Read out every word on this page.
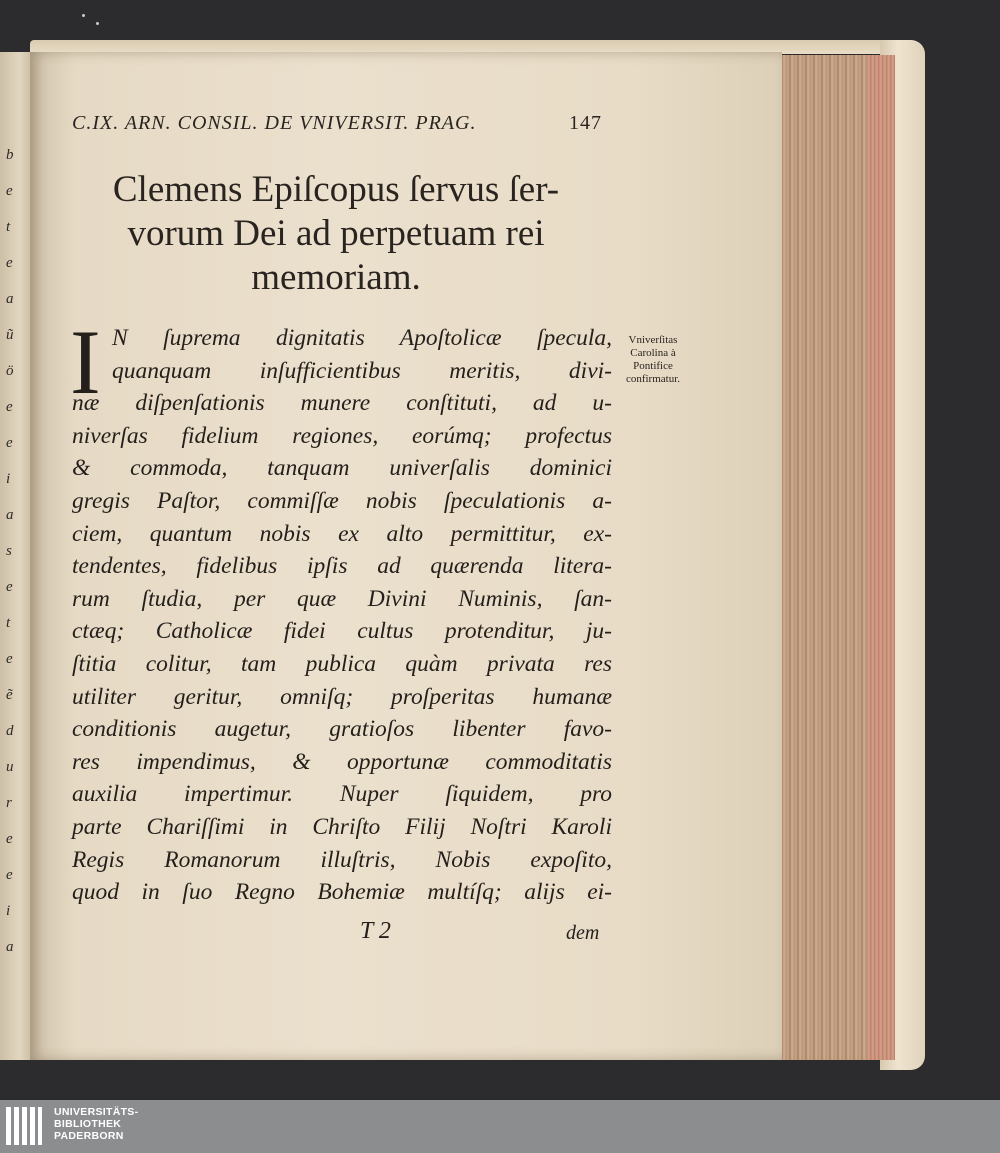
b
e
t
e
a
ũ
ö
e
e
i
a
s
e
t
e
ẽ
d
u
r
e
e
i
a
C.IX. ARN. CONSIL. DE VNIVERSIT. PRAG.	147
Clemens Epiſcopus ſervus ſer-
vorum Dei ad perpetuam rei
memoriam.
I N ſuprema dignitatis Apoſtolicæ ſpecula,
quanquam inſufficientibus meritis, divi-
næ diſpenſationis munere conſtituti, ad u-
niverſas fidelium regiones, eorúmq; profectus
& commoda, tanquam univerſalis dominici
gregis Paſtor, commiſſæ nobis ſpeculationis a-
ciem, quantum nobis ex alto permittitur, ex-
tendentes, fidelibus ipſis ad quærenda litera-
rum ſtudia, per quæ Divini Numinis, ſan-
ctæq; Catholicæ fidei cultus protenditur, ju-
ſtitia colitur, tam publica quàm privata res
utiliter geritur, omniſq; proſperitas humanæ
conditionis augetur, gratioſos libenter favo-
res impendimus, & opportunæ commoditatis
auxilia impertimur. Nuper ſiquidem, pro
parte Chariſſimi in Chriſto Filij Noſtri Karoli
Regis Romanorum illuſtris, Nobis expoſito,
quod in ſuo Regno Bohemiæ multíſq; alijs ei-
Vniverſitas
Carolina à
Pontifice
confirmatur.
T 2	dem
UNIVERSITÄTS-
BIBLIOTHEK
PADERBORN
